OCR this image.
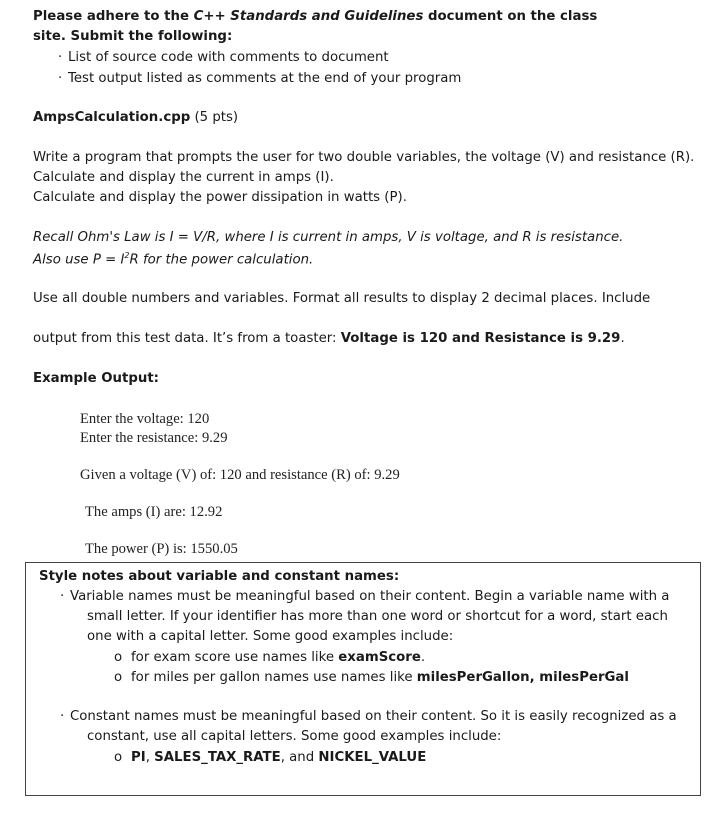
Please adhere to the C++ Standards and Guidelines document on the class
site. Submit the following:
· List of source code with comments to document
· Test output listed as comments at the end of your program
AmpsCalculation.cpp (5 pts)
Write a program that prompts the user for two double variables, the voltage (V) and resistance (R).
Calculate and display the current in amps (I).
Calculate and display the power dissipation in watts (P).
Recall Ohm's Law is I = V/R, where I is current in amps, V is voltage, and R is resistance.
Also use $P = I^2R$ for the power calculation.
Use all double numbers and variables. Format all results to display 2 decimal places. Include
output from this test data. It’s from a toaster: Voltage is 120 and Resistance is 9.29.
Example Output:
Enter the voltage: 120
Enter the resistance: 9.29
Given a voltage (V) of: 120 and resistance (R) of: 9.29
The amps (I) are: 12.92
The power (P) is: 1550.05
Style notes about variable and constant names:
· Variable names must be meaningful based on their content. Begin a variable name with a
small letter. If your identifier has more than one word or shortcut for a word, start each
one with a capital letter. Some good examples include:
o for exam score use names like examScore.
o for miles per gallon names use names like milesPerGallon, milesPerGal
· Constant names must be meaningful based on their content. So it is easily recognized as a
constant, use all capital letters. Some good examples include:
o PI, SALES_TAX_RATE, and NICKEL_VALUE
